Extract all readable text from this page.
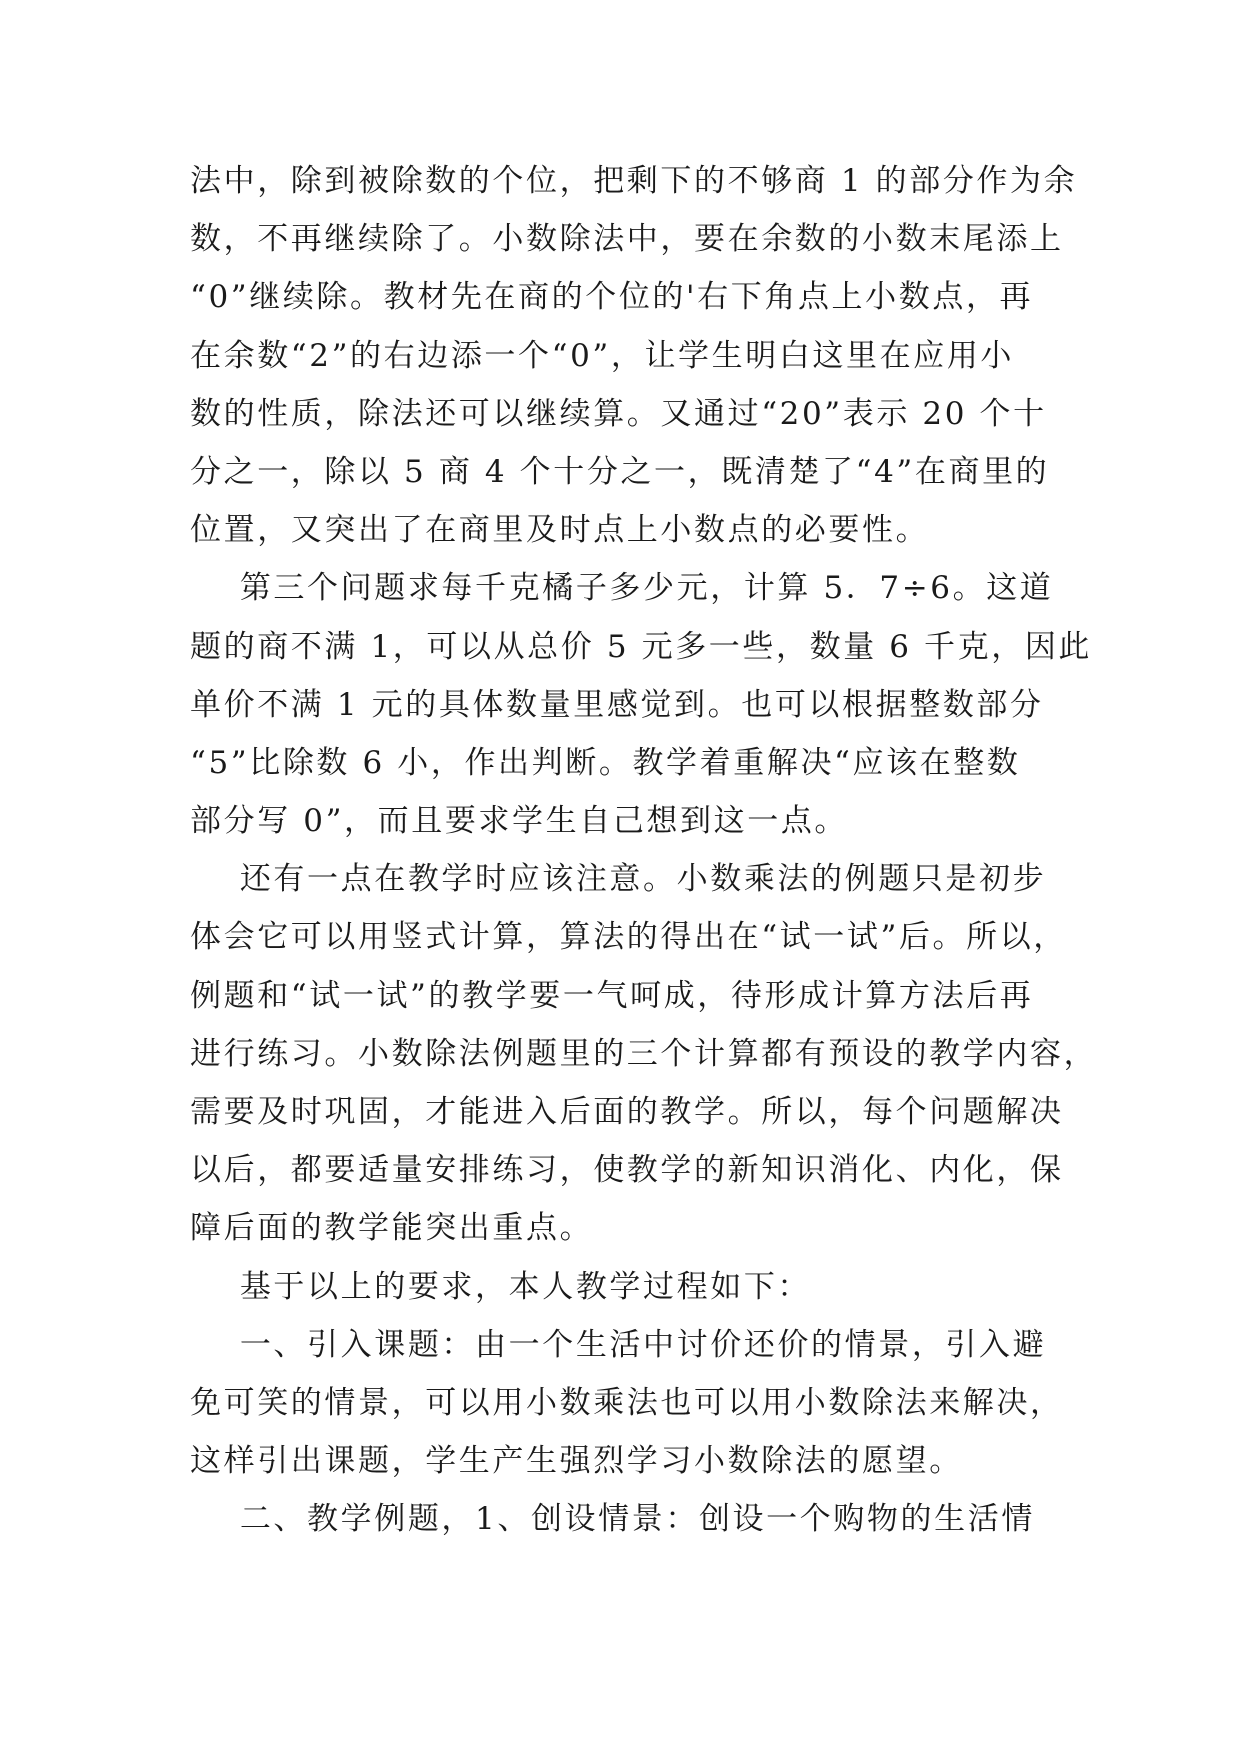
法中，除到被除数的个位，把剩下的不够商 1 的部分作为余
数，不再继续除了。小数除法中，要在余数的小数末尾添上
“0”继续除。教材先在商的个位的'右下角点上小数点，再
在余数“2”的右边添一个“0”，让学生明白这里在应用小
数的性质，除法还可以继续算。又通过“20”表示 20 个十
分之一，除以 5 商 4 个十分之一，既清楚了“4”在商里的
位置，又突出了在商里及时点上小数点的必要性。
第三个问题求每千克橘子多少元，计算 5．7÷6。这道
题的商不满 1，可以从总价 5 元多一些，数量 6 千克，因此
单价不满 1 元的具体数量里感觉到。也可以根据整数部分
“5”比除数 6 小，作出判断。教学着重解决“应该在整数
部分写 0”，而且要求学生自己想到这一点。
还有一点在教学时应该注意。小数乘法的例题只是初步
体会它可以用竖式计算，算法的得出在“试一试”后。所以，
例题和“试一试”的教学要一气呵成，待形成计算方法后再
进行练习。小数除法例题里的三个计算都有预设的教学内容，
需要及时巩固，才能进入后面的教学。所以，每个问题解决
以后，都要适量安排练习，使教学的新知识消化、内化，保
障后面的教学能突出重点。
基于以上的要求，本人教学过程如下：
一、引入课题：由一个生活中讨价还价的情景，引入避
免可笑的情景，可以用小数乘法也可以用小数除法来解决，
这样引出课题，学生产生强烈学习小数除法的愿望。
二、教学例题，1、创设情景：创设一个购物的生活情
